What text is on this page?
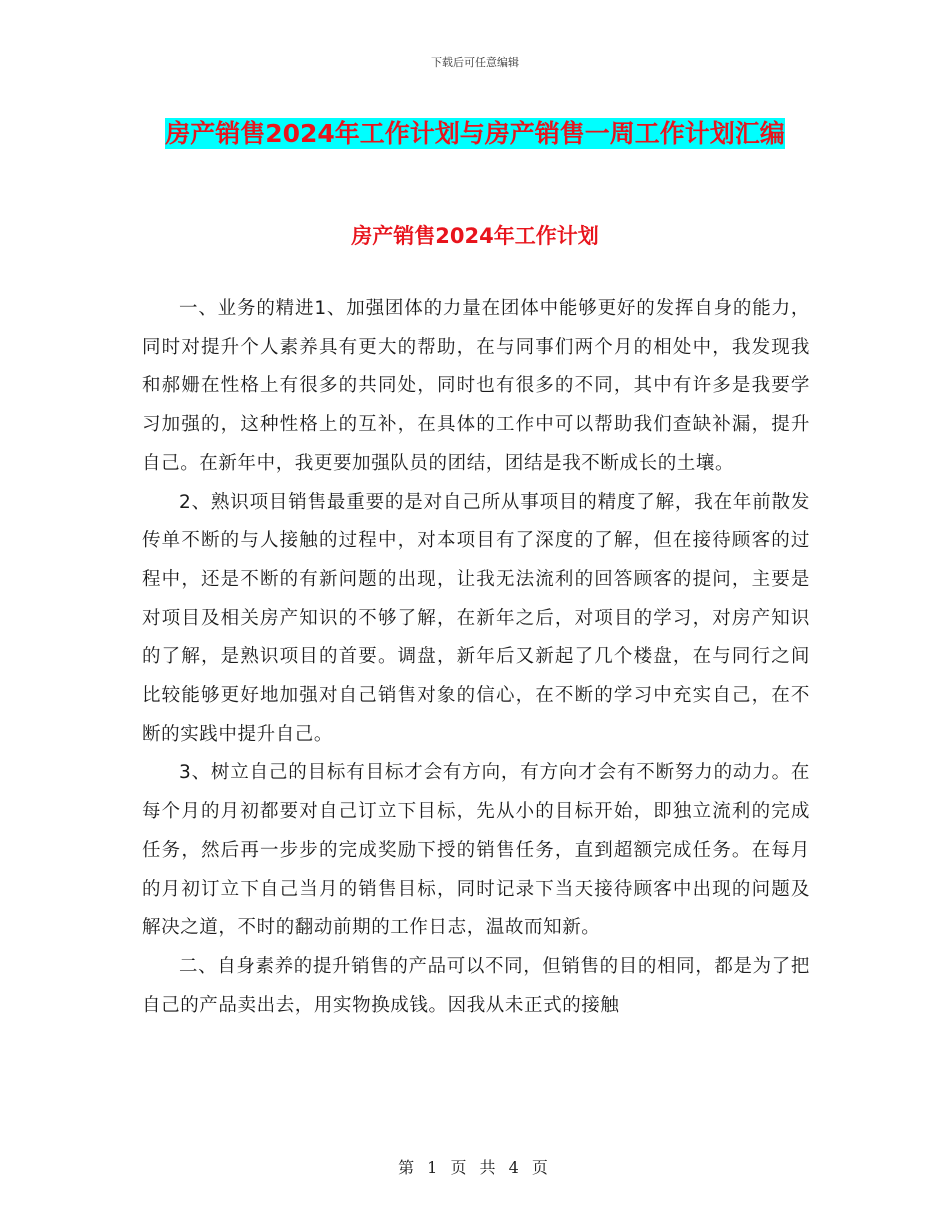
下载后可任意编辑
房产销售2024年工作计划与房产销售一周工作计划汇编
房产销售2024年工作计划

一、业务的精进1、加强团体的力量在团体中能够更好的发挥自身的能力，同时对提升个人素养具有更大的帮助，在与同事们两个月的相处中，我发现我和郝姗在性格上有很多的共同处，同时也有很多的不同，其中有许多是我要学习加强的，这种性格上的互补，在具体的工作中可以帮助我们查缺补漏，提升自己。在新年中，我更要加强队员的团结，团结是我不断成长的土壤。

2、熟识项目销售最重要的是对自己所从事项目的精度了解，我在年前散发传单不断的与人接触的过程中，对本项目有了深度的了解，但在接待顾客的过程中，还是不断的有新问题的出现，让我无法流利的回答顾客的提问，主要是对项目及相关房产知识的不够了解，在新年之后，对项目的学习，对房产知识的了解，是熟识项目的首要。调盘，新年后又新起了几个楼盘，在与同行之间比较能够更好地加强对自己销售对象的信心，在不断的学习中充实自己，在不断的实践中提升自己。

3、树立自己的目标有目标才会有方向，有方向才会有不断努力的动力。在每个月的月初都要对自己订立下目标，先从小的目标开始，即独立流利的完成任务，然后再一步步的完成奖励下授的销售任务，直到超额完成任务。在每月的月初订立下自己当月的销售目标，同时记录下当天接待顾客中出现的问题及解决之道，不时的翻动前期的工作日志，温故而知新。

二、自身素养的提升销售的产品可以不同，但销售的目的相同，都是为了把自己的产品卖出去，用实物换成钱。因我从未正式的接触

第 1 页 共 4 页
